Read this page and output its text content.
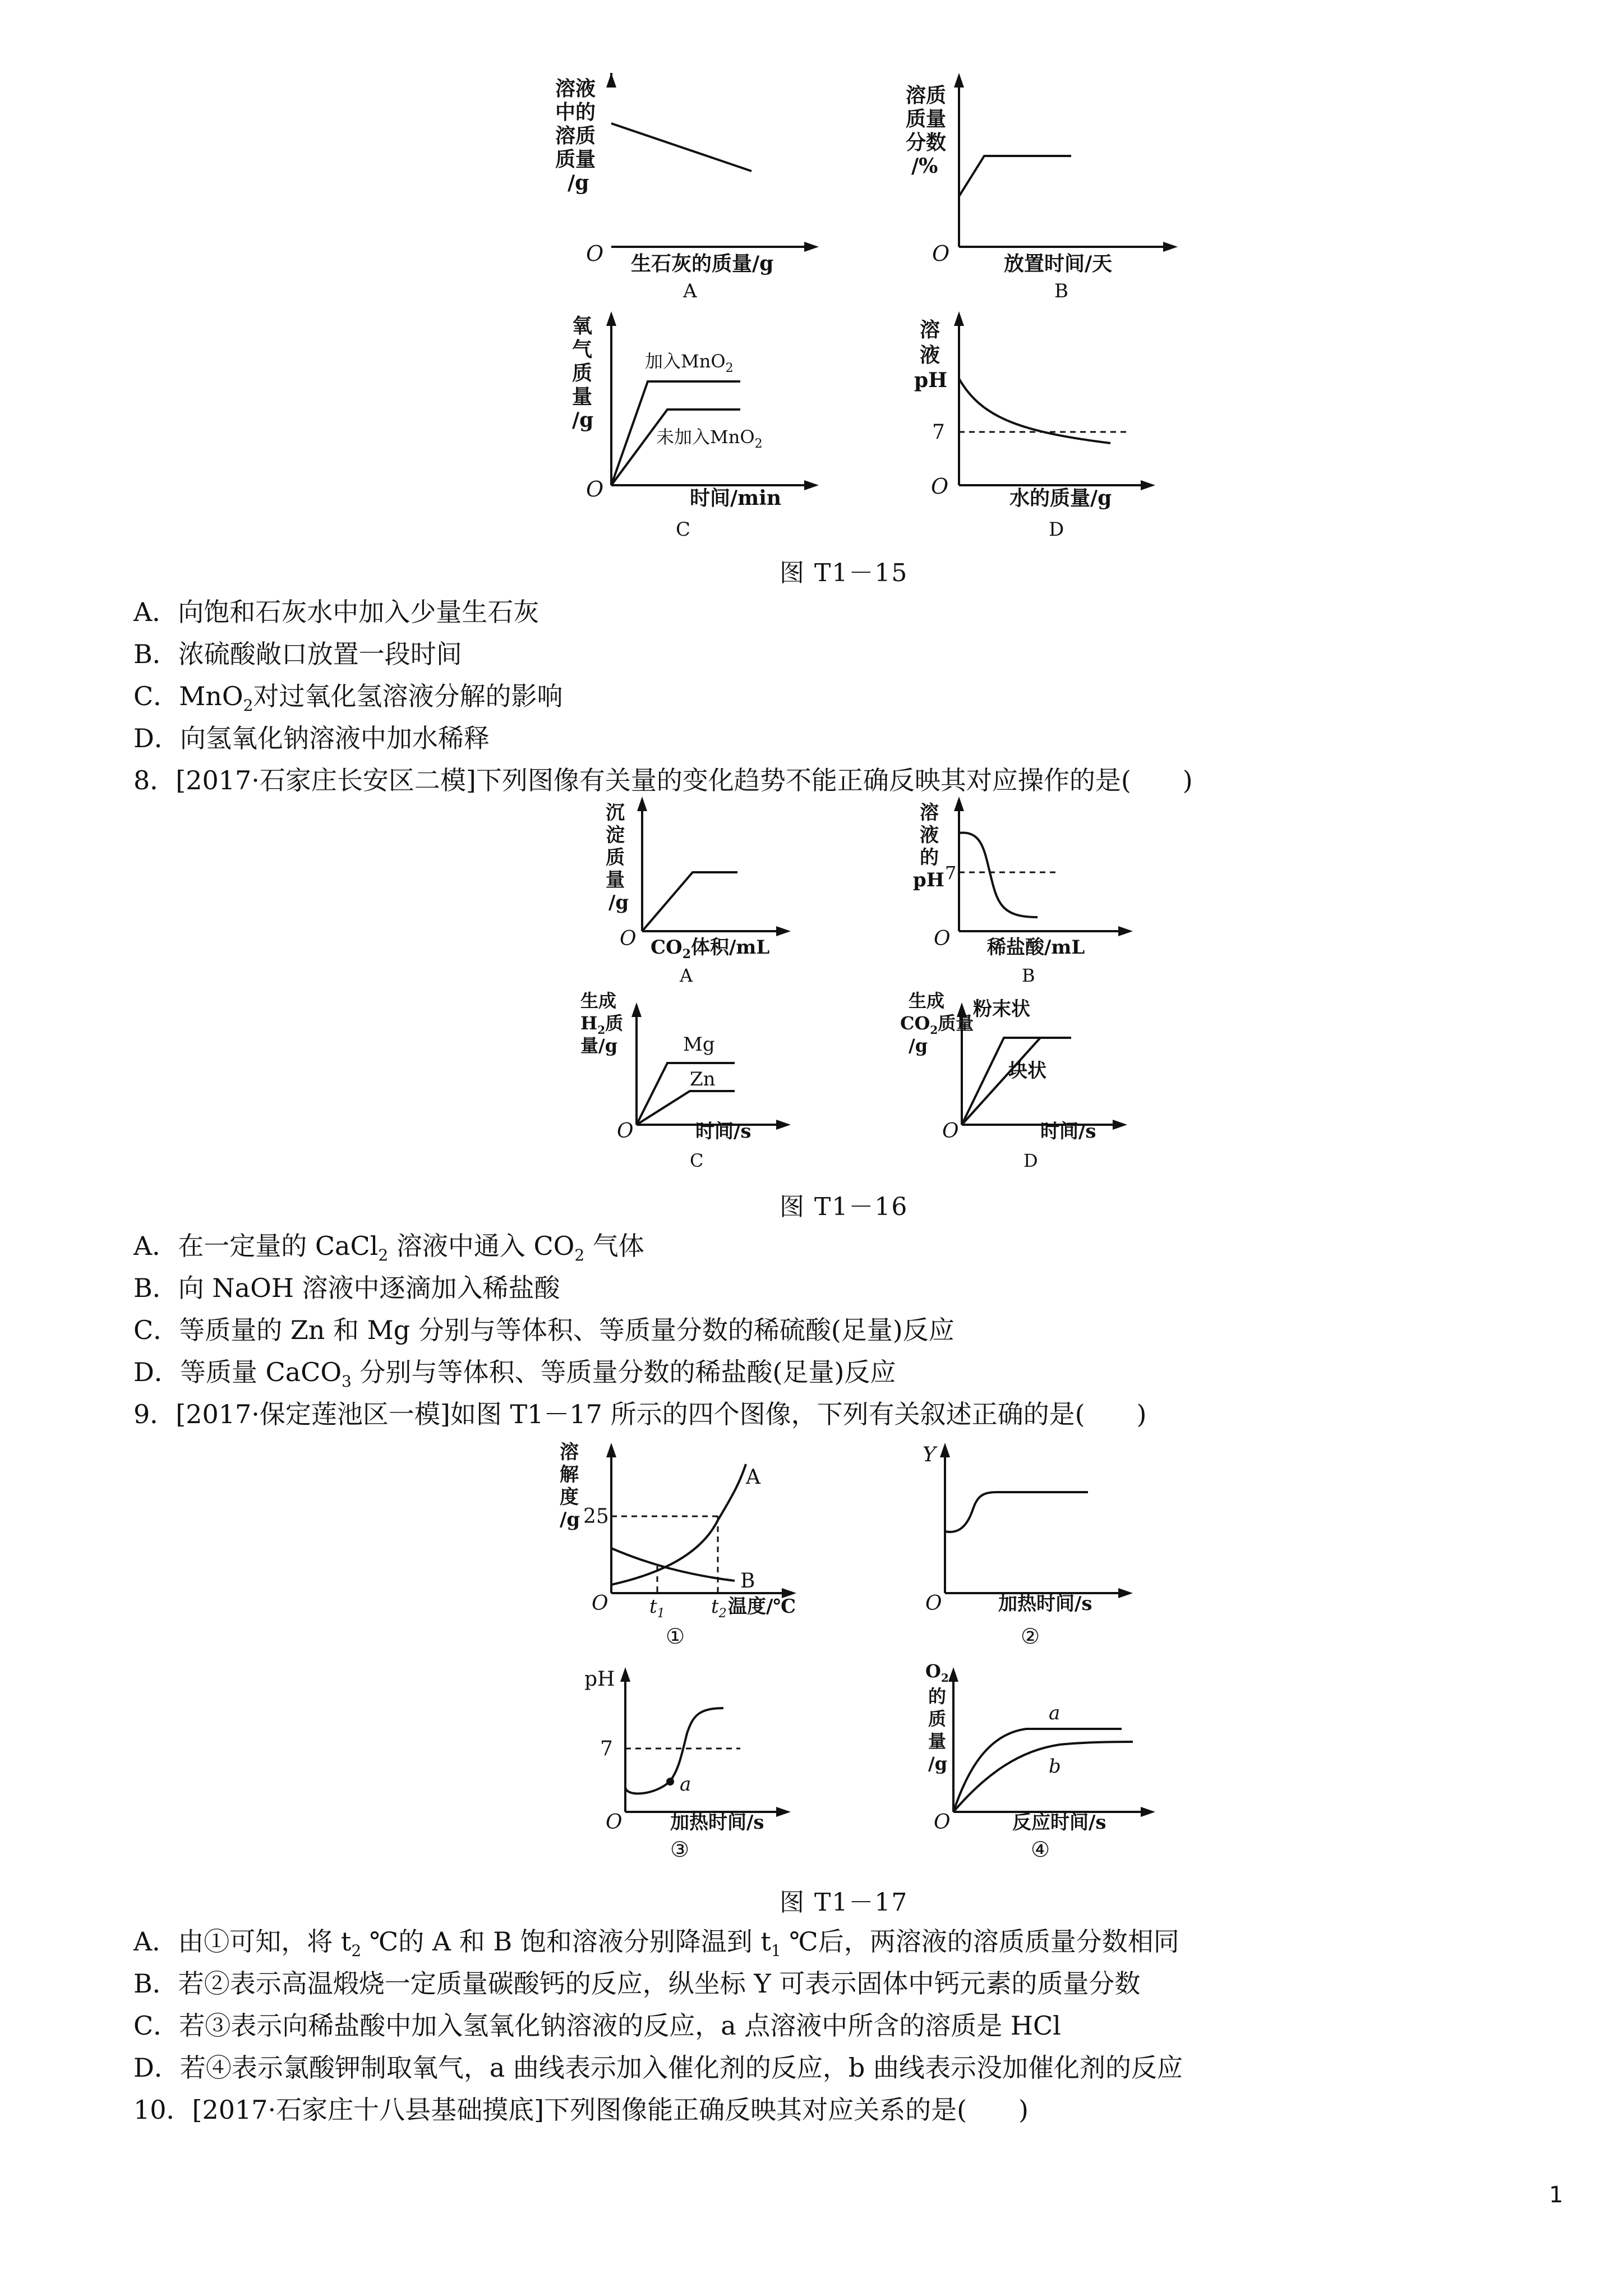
溶液
中的
溶质
质量
/g
O 生石灰的质量/g
A
溶质
质量
分数
/%
O	放置时间/天
B
氧
气
质
量
/g
加入MnO$_2$
未加入MnO$_2$
O	时间/min
C
溶
液
pH
7
O	水的质量/g
D
图 T1－15
A．向饱和石灰水中加入少量生石灰
B．浓硫酸敞口放置一段时间
C．MnO$_2$对过氧化氢溶液分解的影响
D．向氢氧化钠溶液中加水稀释
8．[2017·石家庄长安区二模]下列图像有关量的变化趋势不能正确反映其对应操作的是(　　)
沉
淀
质
量
/g
O $CO_2$体积/mL
A
溶
液
的
pH 7
O 稀盐酸/mL
B
生成
$H_2$质
量/g	Mg
Zn
O	时间/s
C
生成
$CO_2$质量
/g
粉末状
块状
O	时间/s
D
图 T1－16
A．在一定量的 CaCl$_2$ 溶液中通入 $CO_2$ 气体
B．向 NaOH 溶液中逐滴加入稀盐酸
C．等质量的 Zn 和 Mg 分别与等体积、等质量分数的稀硫酸(足量)反应
D．等质量 CaCO$_3$ 分别与等体积、等质量分数的稀盐酸(足量)反应
9．[2017·保定莲池区一模]如图 T1－17 所示的四个图像，下列有关叙述正确的是(　　)
溶
解
度
/g 25
A
B
O $t_1$ $t_2$ 温度/℃
①
Y
O	加热时间/s
②
pH
7
a
O	加热时间/s
③
$O_2$
的
质
量
/g
a
b
O	反应时间/s
④
图 T1－17
A．由①可知，将 $t_2$ ℃的 A 和 B 饱和溶液分别降温到 $t_1$ ℃后，两溶液的溶质质量分数相同
B．若②表示高温煅烧一定质量碳酸钙的反应，纵坐标 Y 可表示固体中钙元素的质量分数
C．若③表示向稀盐酸中加入氢氧化钠溶液的反应，a 点溶液中所含的溶质是 HCl
D．若④表示氯酸钾制取氧气，a 曲线表示加入催化剂的反应，b 曲线表示没加催化剂的反应
10．[2017·石家庄十八县基础摸底]下列图像能正确反映其对应关系的是(　　)
1
